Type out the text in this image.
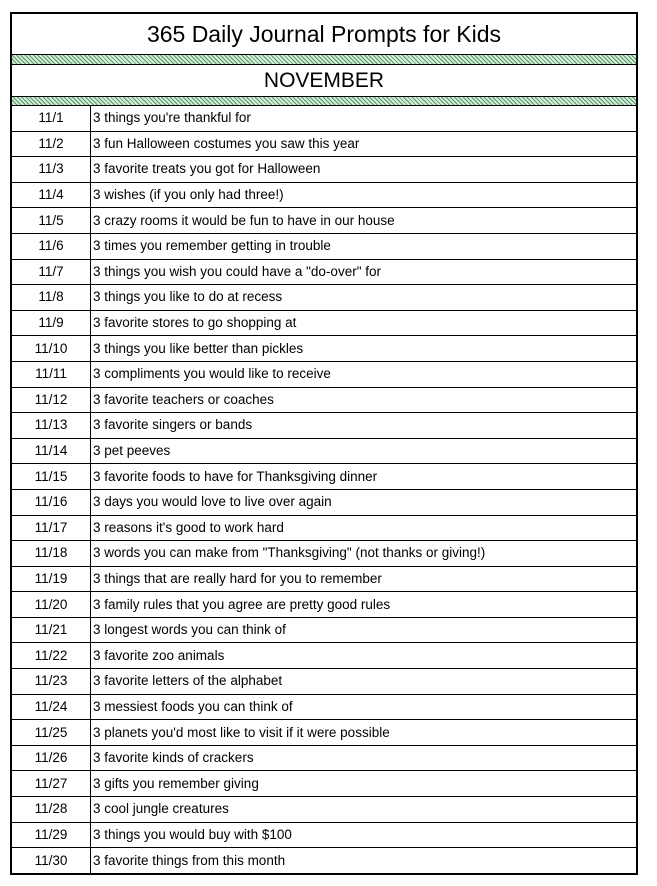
365 Daily Journal Prompts for Kids
NOVEMBER
11/1	3 things you're thankful for
11/2	3 fun Halloween costumes you saw this year
11/3	3 favorite treats you got for Halloween
11/4	3 wishes (if you only had three!)
11/5	3 crazy rooms it would be fun to have in our house
11/6	3 times you remember getting in trouble
11/7	3 things you wish you could have a "do-over" for
11/8	3 things you like to do at recess
11/9	3 favorite stores to go shopping at
11/10	3 things you like better than pickles
11/11	3 compliments you would like to receive
11/12	3 favorite teachers or coaches
11/13	3 favorite singers or bands
11/14	3 pet peeves
11/15	3 favorite foods to have for Thanksgiving dinner
11/16	3 days you would love to live over again
11/17	3 reasons it's good to work hard
11/18	3 words you can make from "Thanksgiving" (not thanks or giving!)
11/19	3 things that are really hard for you to remember
11/20	3 family rules that you agree are pretty good rules
11/21	3 longest words you can think of
11/22	3 favorite zoo animals
11/23	3 favorite letters of the alphabet
11/24	3 messiest foods you can think of
11/25	3 planets you'd most like to visit if it were possible
11/26	3 favorite kinds of crackers
11/27	3 gifts you remember giving
11/28	3 cool jungle creatures
11/29	3 things you would buy with $100
11/30	3 favorite things from this month
